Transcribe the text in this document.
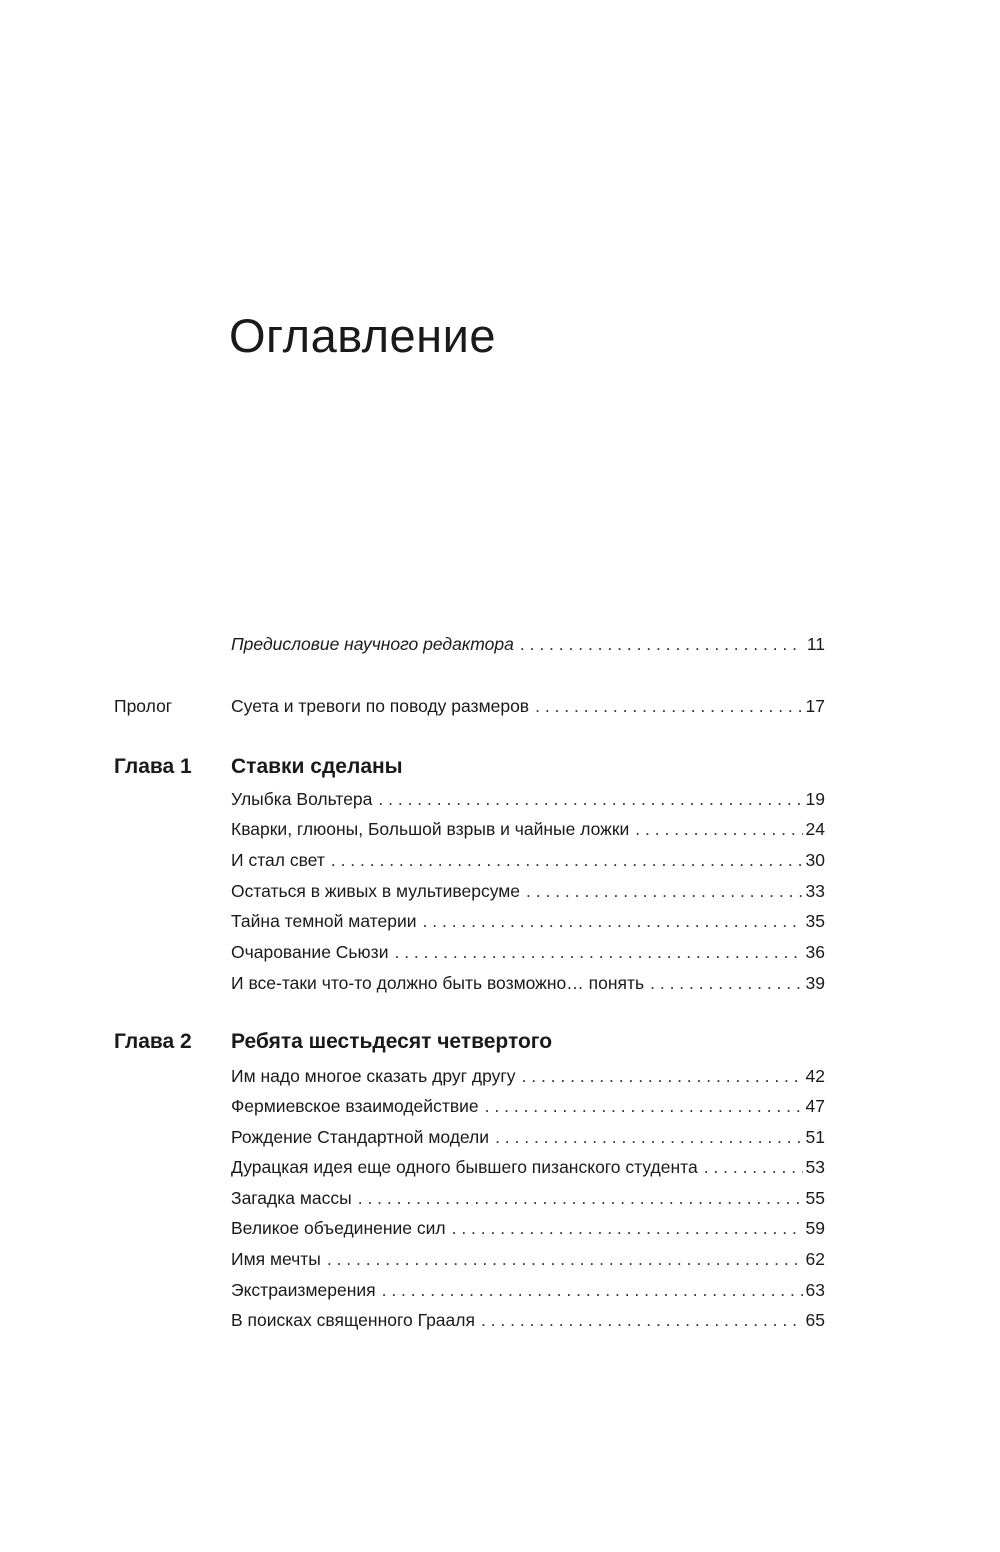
Оглавление
Предисловие научного редактора . . .	11
Пролог	Суета и тревоги по поводу размеров . . .	17
Глава 1 Ставки сделаны
Улыбка Вольтера . . .	19
Кварки, глюоны, Большой взрыв и чайные ложки . . .	24
И стал свет . . .	30
Остаться в живых в мультиверсуме . . .	33
Тайна темной материи . . .	35
Очарование Сьюзи . . .	36
И все-таки что-то должно быть возможно… понять . . .	39
Глава 2 Ребята шестьдесят четвертого
Им надо многое сказать друг другу . . .	42
Фермиевское взаимодействие . . .	47
Рождение Стандартной модели . . .	51
Дурацкая идея еще одного бывшего пизанского студента . . .	53
Загадка массы . . .	55
Великое объединение сил . . .	59
Имя мечты . . .	62
Экстраизмерения . . .	63
В поисках священного Грааля . . .	65
